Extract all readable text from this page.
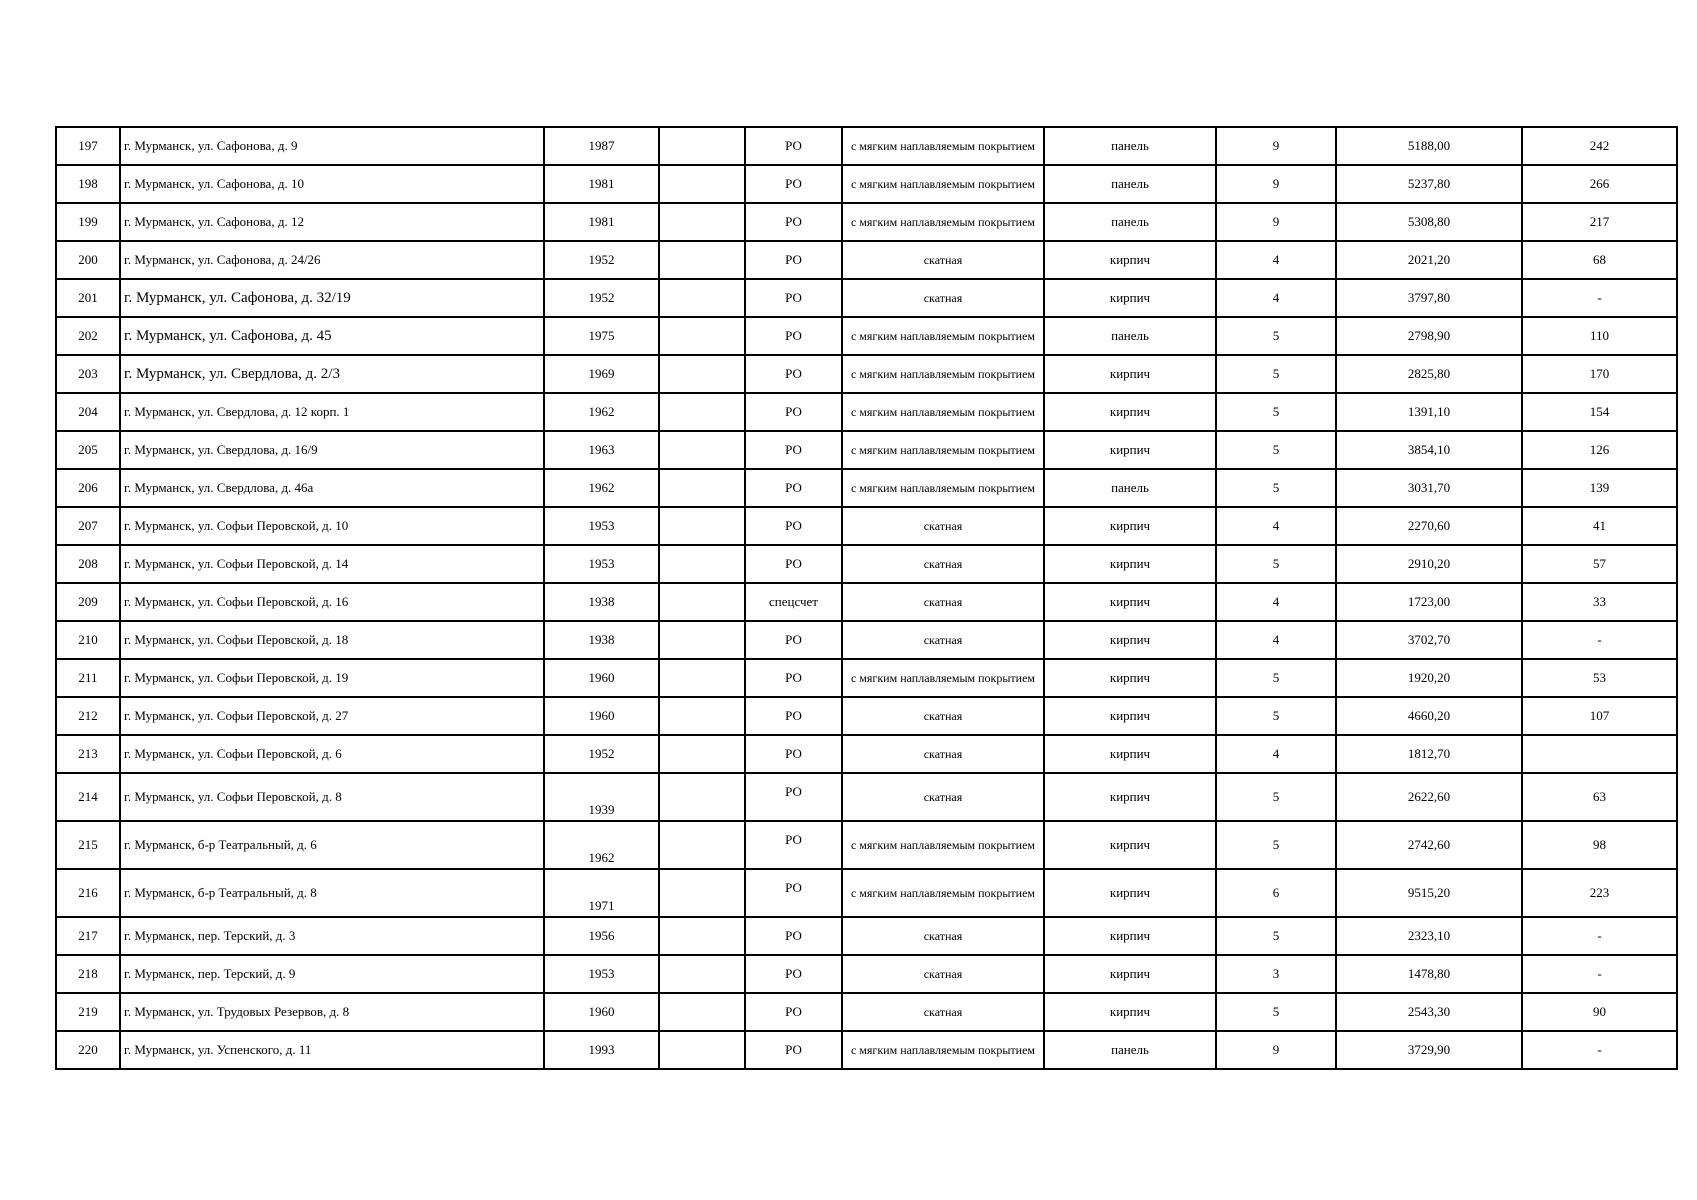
197	г. Мурманск, ул. Сафонова, д. 9	1987		РО	с мягким наплавляемым покрытием	панель	9	5188,00	242
198	г. Мурманск, ул. Сафонова, д. 10	1981		РО	с мягким наплавляемым покрытием	панель	9	5237,80	266
199	г. Мурманск, ул. Сафонова, д. 12	1981		РО	с мягким наплавляемым покрытием	панель	9	5308,80	217
200	г. Мурманск, ул. Сафонова, д. 24/26	1952		РО	скатная	кирпич	4	2021,20	68
201	г. Мурманск, ул. Сафонова, д. 32/19	1952		РО	скатная	кирпич	4	3797,80	-
202	г. Мурманск, ул. Сафонова, д. 45	1975		РО	с мягким наплавляемым покрытием	панель	5	2798,90	110
203	г. Мурманск, ул. Свердлова, д. 2/3	1969		РО	с мягким наплавляемым покрытием	кирпич	5	2825,80	170
204	г. Мурманск, ул. Свердлова, д. 12 корп. 1	1962		РО	с мягким наплавляемым покрытием	кирпич	5	1391,10	154
205	г. Мурманск, ул. Свердлова, д. 16/9	1963		РО	с мягким наплавляемым покрытием	кирпич	5	3854,10	126
206	г. Мурманск, ул. Свердлова, д. 46а	1962		РО	с мягким наплавляемым покрытием	панель	5	3031,70	139
207	г. Мурманск, ул. Софьи Перовской, д. 10	1953		РО	скатная	кирпич	4	2270,60	41
208	г. Мурманск, ул. Софьи Перовской, д. 14	1953		РО	скатная	кирпич	5	2910,20	57
209	г. Мурманск, ул. Софьи Перовской, д. 16	1938		спецсчет	скатная	кирпич	4	1723,00	33
210	г. Мурманск, ул. Софьи Перовской, д. 18	1938		РО	скатная	кирпич	4	3702,70	-
211	г. Мурманск, ул. Софьи Перовской, д. 19	1960		РО	с мягким наплавляемым покрытием	кирпич	5	1920,20	53
212	г. Мурманск, ул. Софьи Перовской, д. 27	1960		РО	скатная	кирпич	5	4660,20	107
213	г. Мурманск, ул. Софьи Перовской, д. 6	1952		РО	скатная	кирпич	4	1812,70	
214	г. Мурманск, ул. Софьи Перовской, д. 8	1939		РО	скатная	кирпич	5	2622,60	63
215	г. Мурманск, б-р Театральный, д. 6	1962		РО	с мягким наплавляемым покрытием	кирпич	5	2742,60	98
216	г. Мурманск, б-р Театральный, д. 8	1971		РО	с мягким наплавляемым покрытием	кирпич	6	9515,20	223
217	г. Мурманск, пер. Терский, д. 3	1956		РО	скатная	кирпич	5	2323,10	-
218	г. Мурманск, пер. Терский, д. 9	1953		РО	скатная	кирпич	3	1478,80	-
219	г. Мурманск, ул. Трудовых Резервов, д. 8	1960		РО	скатная	кирпич	5	2543,30	90
220	г. Мурманск, ул. Успенского, д. 11	1993		РО	с мягким наплавляемым покрытием	панель	9	3729,90	-
